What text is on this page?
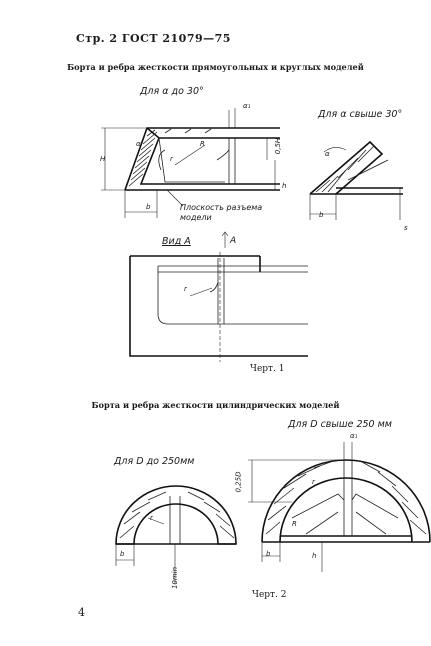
Стр. 2 ГОСТ 21079—75
Борта и ребра жесткости прямоугольных и круглых моделей
Для α до 30°
Для α свыше 30°
H	r
R
α	0,5H
h
α₁
b	Плоскость разъема модели
α
b
s
Вид А	А
r
Черт. 1
Борта и ребра жесткости цилиндрических моделей
Для D до 250мм
Для D свыше 250 мм
r
b
10min
0,25D	r
R
b	h
α₁
Черт. 2
4
